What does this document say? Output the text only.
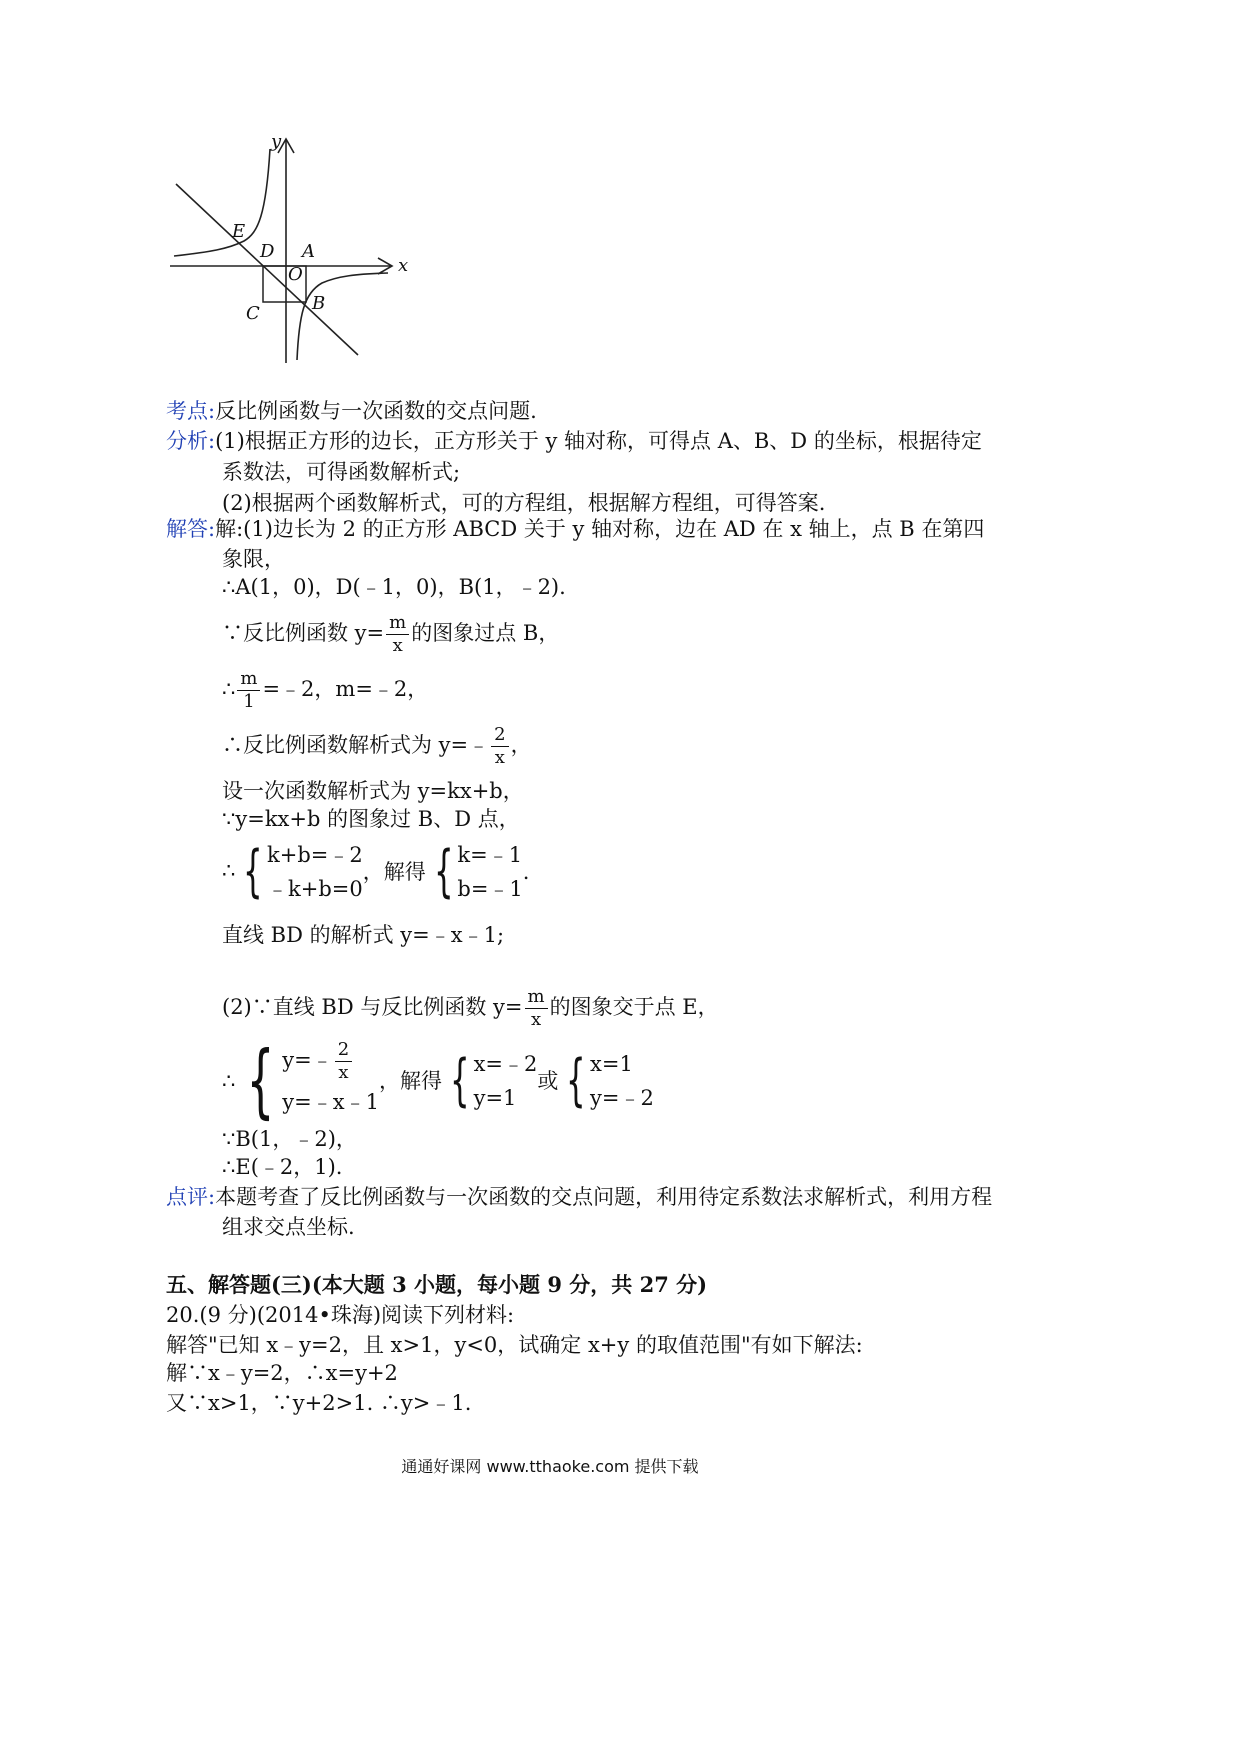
y
x
E
D A
O
C	B
考点:反比例函数与一次函数的交点问题.
分析:(1)根据正方形的边长，正方形关于 y 轴对称，可得点 A、B、D 的坐标，根据待定
系数法，可得函数解析式;
(2)根据两个函数解析式，可的方程组，根据解方程组，可得答案.
解答:解:(1)边长为 2 的正方形 ABCD 关于 y 轴对称，边在 AD 在 x 轴上，点 B 在第四
象限，
∴A(1，0)，D(﹣1，0)，B(1，﹣2).
∵反比例函数 $y= \frac{m}{x}$ 的图象过点 B，
∴ $\frac{m}{1}$ =﹣2，m=﹣2，
∴反比例函数解析式为 y=﹣ $\frac{2}{x}$ ，
设一次函数解析式为 y=kx+b，
∵y=kx+b 的图象过 B、D 点，
∴ { k+b=﹣2
﹣k+b=0
，解得 { k=﹣1
b=﹣1
.
直线 BD 的解析式 y=﹣x﹣1;
(2)∵直线 BD 与反比例函数 $y= \frac{m}{x}$ 的图象交于点 E，
∴ { y=﹣ $\frac{2}{x}$
y=﹣x﹣1
，解得 { x=﹣2
y=1
或 { x=1
y=﹣2
∵B(1，﹣2)，
∴E(﹣2，1).
点评:本题考查了反比例函数与一次函数的交点问题，利用待定系数法求解析式，利用方程
组求交点坐标.
五、解答题(三)(本大题 3 小题，每小题 9 分，共 27 分)
20.(9 分)(2014•珠海)阅读下列材料:
解答"已知 x﹣y=2，且 x>1，y<0，试确定 x+y 的取值范围"有如下解法:
解∵x﹣y=2，∴x=y+2
又∵x>1，∵y+2>1. ∴y>﹣1.
通通好课网 www.tthaoke.com 提供下载
